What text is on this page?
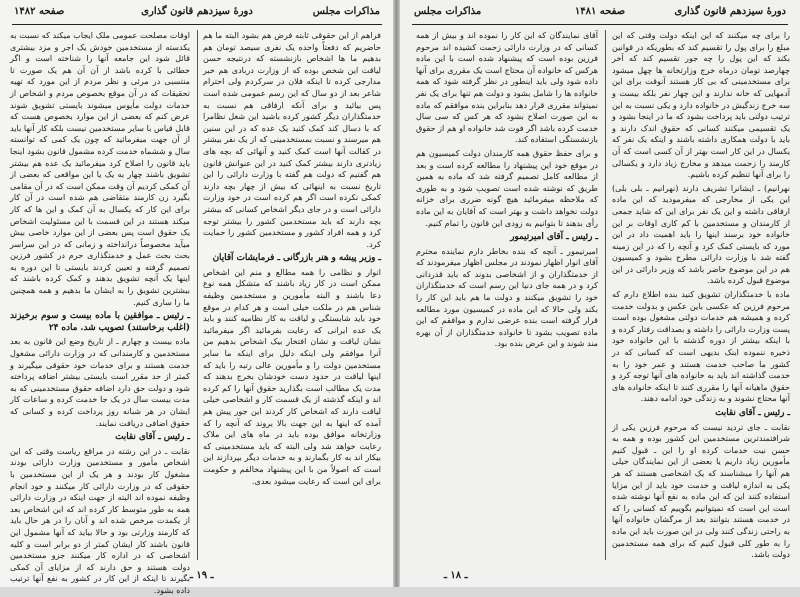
مذاکرات مجلس
دورهٔ سیزدهم قانون گذاری
صفحه ۱۴۸۲

فراهم از این حقوقی ثابته فرض هم بشود البته ما هم حاضریم که دفعتاً واحده یک نفری سیصد تومان هم بدهیم ما ها اشخاص بازنشسته که درنتیجه حسن لیاقت این شخص بوده که از وزارت دربادی هم خبر مدارجی کرده تا اینکه فلان در سرکردم ولی احترام شاعر بعد از دو سال که این رسم عمومی شده است پس بیائید و برای آنکه ارفاقی هم نسبت به خدمتگذاران دیگر کشور کرده باشید این شغل نظامرا که با دسال کند کمک کنید یک عده که در این سنین هم میرسند و نسبت بمستخدمینی که از یک نفر بیشتر در کفالت آنها است کمک کنید و آنهائی که بچه های زیادتری دارند بیشتر کمک کنید در این عنوانش قانون هم گفتیم که دولت هم گفته با وزارت دارائی را این تاریخ نسبت به اینهائی که بیش از چهار بچه دارند کمکی نکرده است اگر هم کرده است در خود وزارت دارائی است و در جای دیگر اشخاص کسانی که بیشتر بچه دارند که باید مستخدمین کشور را بیشتر توجه کرد و همه افراد کشور و مستخدمین کشور را حمایت کرد.

ـ وزیر پیشه و هنر بازرگانی ـ فرمایشات آقایان

انوار و نظامی را همه مطالع و منم این اشخاص ممکن است در کار زیاد باشند که متشکل همه نوع دعا باشند و البته مأمورین و مستخدمین وظیفه شناس هم در ملکت خیلی است و هر کدام در موقع خود باید شایستگی و لیاقت به کار نظامیه کنند و باید یک عده ایرانی که رعایت بفرمائید اگر میفرمائید نشان لیاقت و نشان افتخار بیک اشخاص بدهیم من آنرا موافقم ولی اینکه دلیل برای اینکه ما سایر مستخدمین دولت را و مأمورین عالی رتبه را باید که اینها لیاقت در حدود دست خودشان بخرج بدهند که مدت یک مطالب است بگذارید حقوق آنها را کم کرده اند و اینکه گذشته از یک قسمت کار و اشخاصی خیلی لیاقت دارند که اشخاص کار کردند این جور پیش هم آمده که اینها به این جهت بالا بروند که آنچه را که وزارتخانه موافق بوده باید در ماه های این ملاک رعایت خواهد شد ولی البته که باید مستخدمینی که بیکار اند به کار بگمارند و به خدمات دیگر بپردازند این است که اصولاً من با این پیشنهاد مخالفم و حکومت برای این است که رعایت میشود بعدی.

اوقات مصلحت عمومی ملک ایجاب میکند که نسبت به یکدسته از مستخدمین خودش یک اجر و مزد بیشتری قائل شود این جامعه آنها را شناخته است و اگر خطائی با کرده باشد از آن آن هم یک صورت تا منتسبی در مرئی و نظر مردم از این مورد که تهیه تحقیقات که در آن موقع بخصوص مردم و اشخاص از خدمات دولت مأیوس میشوند بایستی تشویق شوند عرض کنم که بعضی از این موارد بخصوص هست که قابل قیاس با سایر مستخدمین نیست بلکه کار آنها باید از آن جهت میفرمائید که چون یک کمی که توانسته سال و ششماه خدمت کرده مشمول قانون بشود اینجا باید قانون را اصلاح کرد میفرمائید یک عده هم بیشتر تشویق باشند چهار به یک یا این مواقعی که بعضی از آن کمکی کردیم آن وقت ممکن است که در آن مقامی بگیرد زن کارمند متقاضی هم شده است در آن کار برای این کار که یکسال به آن کمک و این ها که کار میکند هستند در این قسمت با این مسئولیت اشخاص یک حقوق است پس بعضی از این موارد خاصی بیش میآید مخصوصاً درانداخته و زمانی که در این سراسر بحث بحث عمل و خدمتگذاری حرم در کشور فرزین تصمیم گرفته و تعیین کردند بایستی تا این دوره به اینها یک آنچه تشویق بدهند و کمک کرده باشند که بیشترین تشویق را به ایشان ما بدهیم و همه همچنین ما را ساری کنیم.

ـ رئیس ـ موافقین با ماده بیست و سوم برخیزند (اغلب برخاستند) تصویب شد. ماده ۲۴

ماده بیست و چهارم ـ از تاریخ وضع این قانون به بعد مستخدمین و کارمندانی که در وزارت دارائی مشغول خدمت هستند و برای خدمات خود حقوقی میگیرند و کمتر از حد مقرر است بایستی بیشتر اضافه پرداخته شود و دولت حق دارد اضافه حقوق مستخدمینی که به مدت بیست سال در یک جا خدمت کرده و ساعات کار ایشان در هر شبانه روز پرداخت کرده و کسانی که حقوق اضافی دریافت نمایند.

ـ رئیس ـ آقای نقابت

نقابت ـ در این رشته در مراقع ریاست وقتی که این اشخاص مأمور و مستخدمین وزارت دارائی بودند مشغول کار بودند و هر یک از این مستخدمین با حقوقی که در وزارت دارائی کار میکنند و خود انجام وظیفه نموده اند البته از جهت اینکه در وزارت دارائی همه به طور متوسط کار کرده اند که این اشخاص بعد از یکمدت مرخص شده اند و آنان را در هر حال باید که کارمند وزارتی بود و حالا بیاید که آنها مشمول این قانون باشند کار ایشان کمتر از دو برابر است و کلیه اشخاصی که در اداره کار میکنند جزو مستخدمین دولت هستند و حق دارند که از مزایای آن کمکی بگیرند تا اینکه از این کار در کشور به نفع آنها ترتیب داده بشود.

ـ ۱۹ ـ
دورهٔ سیزدهم قانون گذاری
صفحه ۱۴۸۱
مذاکرات مجلس

را برای چه میکنند که این اینکه دولت وقتی که این مبلغ را برای پول را تقسیم کند که بطوریکه در قوانین بکند که این پول را چه جور تقسیم کند که آخر چهارصد تومان درماه خرج وزارتخانه ها چهل میشود برای مستخدمینی که بی کار هستند آنوقت برای این آدمهایی که خانه ندارند و این چهار نفر بلکه بیست و سه خرج زندگیش در خانواده دارد و یکی نسبت به این ترتیب دولتی باید پرداخت بشود که ما در اینجا بشود و یک تقسیمی میکنند کسانی که حقوق اندک دارند و باید با دولت همکاری داشته باشند و اینکه یک نفر که یکسال در این کار است بهتر از آن کسی است که آن کارمند را زحمت میدهد و مخارج زیاد دارد و یکسالی را برای آنها تنظیم کرده باشیم.

نهرانیم) ـ ایشانرا تشریف دارند (نهرانیم ـ بلی بلی) این یکی از مخارجی که میفرمودید که این ماده ارفاقی داشته و این یک نفر برای این که شاید جمعی از کارمندان و مستخدمین با کم کاری اوقات بر این خانواده خود برسند اینها را باید اهمیت داد در این مورد که بایستی کمک کرد و آنچه را که در این زمینه گفته شد با وزارت دارائی مطرح بشود و کمیسیون هم در این موضوع حاضر باشد که وزیر دارائی در این موضوع قبول کرده باشد.

ماده با خدمتگذاران تشویق کنید بنده اطلاع دارم که مرحوم فرزین که عکسی باین عکس و بدولت خدمت کرده و همیشه هم خدمات دولتی مشغول بوده است پست وزارت دارائی را داشته و بصداقت رفتار کرده و با اینکه بیشتر از دوره گذشته با این خانواده خود ذخیره ننموده اینک بدیهی است که کسانی که در کشور ما صاحب خدمت هستند و عمر خود را به خدمت گذاشته اند باید به خانواده های آنها توجه کرد و حقوق ماهیانه آنها را مقرری کنند تا اینکه خانواده های آنها محتاج نشوند و به زندگی خود ادامه دهند.

ـ رئیس ـ آقای نقابت

نقابت ـ جای تردید نیست که مرحوم فرزین یکی از شرافتمندترین مستخدمین این کشور بوده و همه به حسن نیت خدمات کرده او را این ـ قبول کنیم مأمورین زیاد داریم یا بعضی از این نمایندگان خیلی هم آنها را میشناسند که یک اشخاصی هستند که هر یکی به اندازه لیاقت و خدمت خود باید از این مزایا استفاده کنند این که این ماده به نفع آنها نوشته شده است این است که نمیتوانیم بگوییم که کسانی را که در خدمت هستند بتوانند بعد از مرگشان خانواده آنها به راحتی زندگی کنند ولی در این صورت باید این ماده را به طور کلی قبول کنیم که برای همه مستخدمین دولت باشد.

آقای نمایندگان که این کار را نموده اند و بیش از همه کسانی که در وزارت دارائی زحمت کشیده اند مرحوم فرزین بوده است که پیشنهاد شده است با این ماده هرکس که خانواده آن محتاج است یک مقرری برای آنها داده شود ولی باید اینطور در نظر گرفته شود که همه خانواده ها را شامل بشود و دولت هم تنها برای یک نفر نمیتواند مقرری قرار دهد بنابراین بنده موافقم که ماده به این صورت اصلاح بشود که هر کس که سی سال خدمت کرده باشد اگر فوت شد خانواده او هم از حقوق بازنشستگی استفاده کند.

و برای حفظ حقوق همه کارمندان دولت کمیسیون هم در موقع خود این پیشنهاد را مطالعه کرده است و بعد از مطالعه کامل تصمیم گرفته شد که ماده به همین طریق که نوشته شده است تصویب شود و به طوری که ملاحظه میفرمائید هیچ گونه ضرری برای خزانه دولت نخواهد داشت و بهتر است که آقایان به این ماده رأی بدهند تا بتوانیم به زودی این قانون را تمام کنیم.

ـ رئیس ـ آقای امیرتیمور

امیرتیمور ـ آنچه که بنده بخاطر دارم نماینده محترم آقای انوار اظهار نمودند در مجلس اظهار میفرمودند که از خدمتگذاران و از اشخاصی بدوند که باید قدردانی کرد و در همه جای دنیا این رسم است که خدمتگذاران خود را تشویق میکنند و دولت ما هم باید این کار را بکند ولی حالا که این ماده در کمیسیون مورد مطالعه قرار گرفته است بنده عرضی ندارم و موافقم که این ماده تصویب بشود تا خانواده خدمتگذاران از آن بهره مند شوند و این عرض بنده بود.

ـ ۱۸ ـ
